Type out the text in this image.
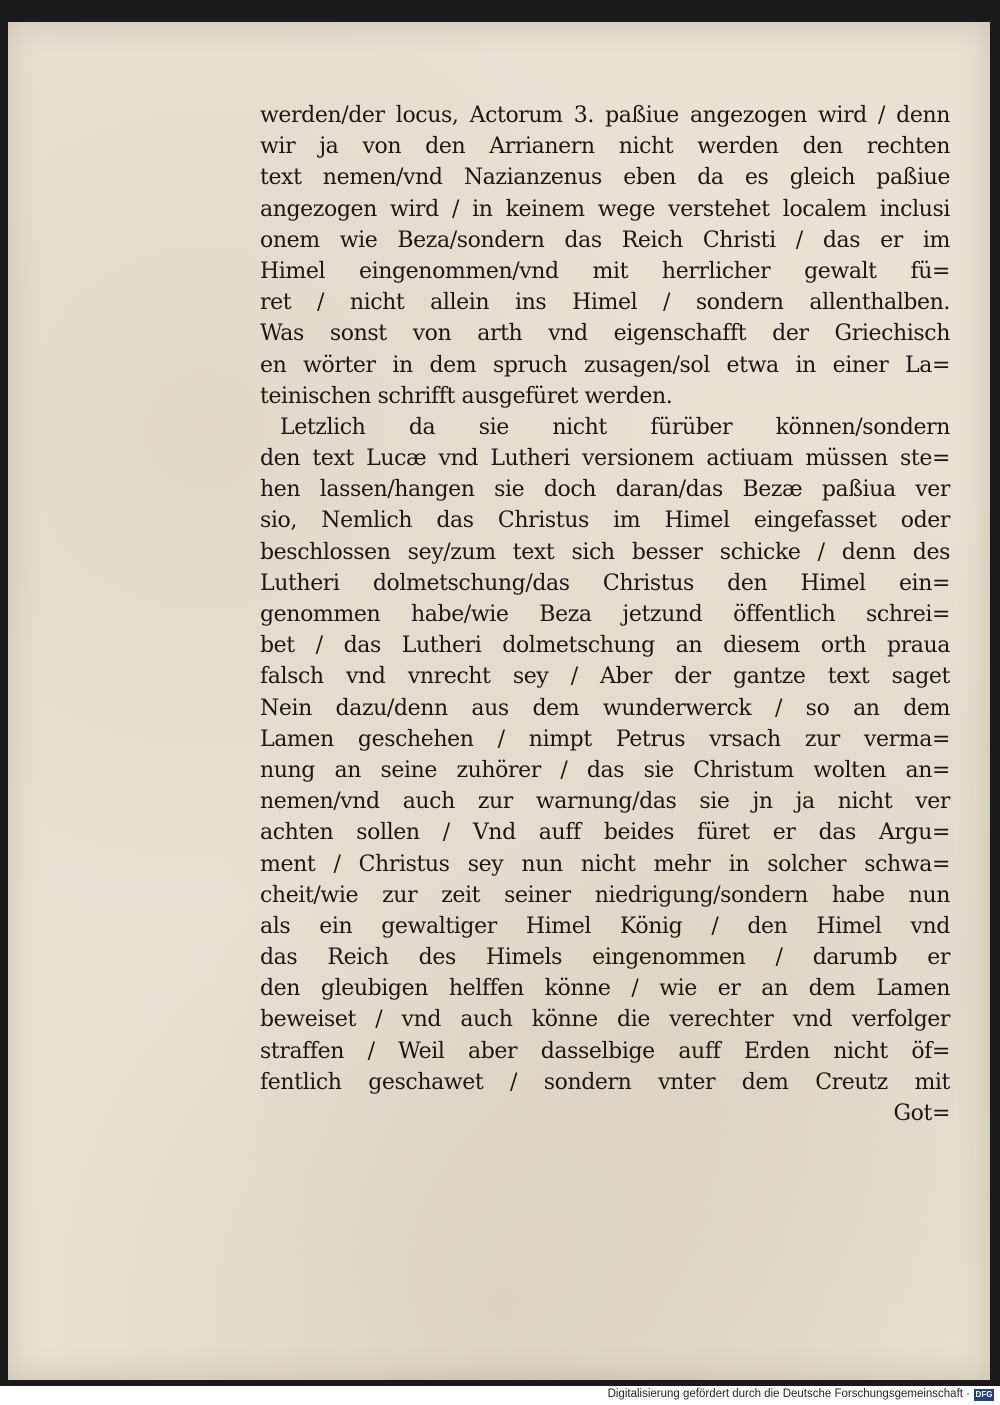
werden/der locus, Actorum 3. paßiue angezogen wird / denn
wir ja von den Arrianern nicht werden den rechten
text nemen/vnd Nazianzenus eben da es gleich paßiue
angezogen wird / in keinem wege verstehet localem inclusi
onem wie Beza/sondern das Reich Christi / das er im
Himel eingenommen/vnd mit herrlicher gewalt fü=
ret / nicht allein ins Himel / sondern allenthalben.
Was sonst von arth vnd eigenschafft der Griechisch
en wörter in dem spruch zusagen/sol etwa in einer La=
teinischen schrifft ausgefüret werden.
Letzlich da sie nicht fürüber können/sondern
den text Lucæ vnd Lutheri versionem actiuam müssen ste=
hen lassen/hangen sie doch daran/das Bezæ paßiua ver
sio, Nemlich das Christus im Himel eingefasset oder
beschlossen sey/zum text sich besser schicke / denn des
Lutheri dolmetschung/das Christus den Himel ein=
genommen habe/wie Beza jetzund öffentlich schrei=
bet / das Lutheri dolmetschung an diesem orth praua
falsch vnd vnrecht sey / Aber der gantze text saget
Nein dazu/denn aus dem wunderwerck / so an dem
Lamen geschehen / nimpt Petrus vrsach zur verma=
nung an seine zuhörer / das sie Christum wolten an=
nemen/vnd auch zur warnung/das sie jn ja nicht ver
achten sollen / Vnd auff beides füret er das Argu=
ment / Christus sey nun nicht mehr in solcher schwa=
cheit/wie zur zeit seiner niedrigung/sondern habe nun
als ein gewaltiger Himel König / den Himel vnd
das Reich des Himels eingenommen / darumb er
den gleubigen helffen könne / wie er an dem Lamen
beweiset / vnd auch könne die verechter vnd verfolger
straffen / Weil aber dasselbige auff Erden nicht öf=
fentlich geschawet / sondern vnter dem Creutz mit
Got=
Digitalisierung gefördert durch die Deutsche Forschungsgemeinschaft · DFG
